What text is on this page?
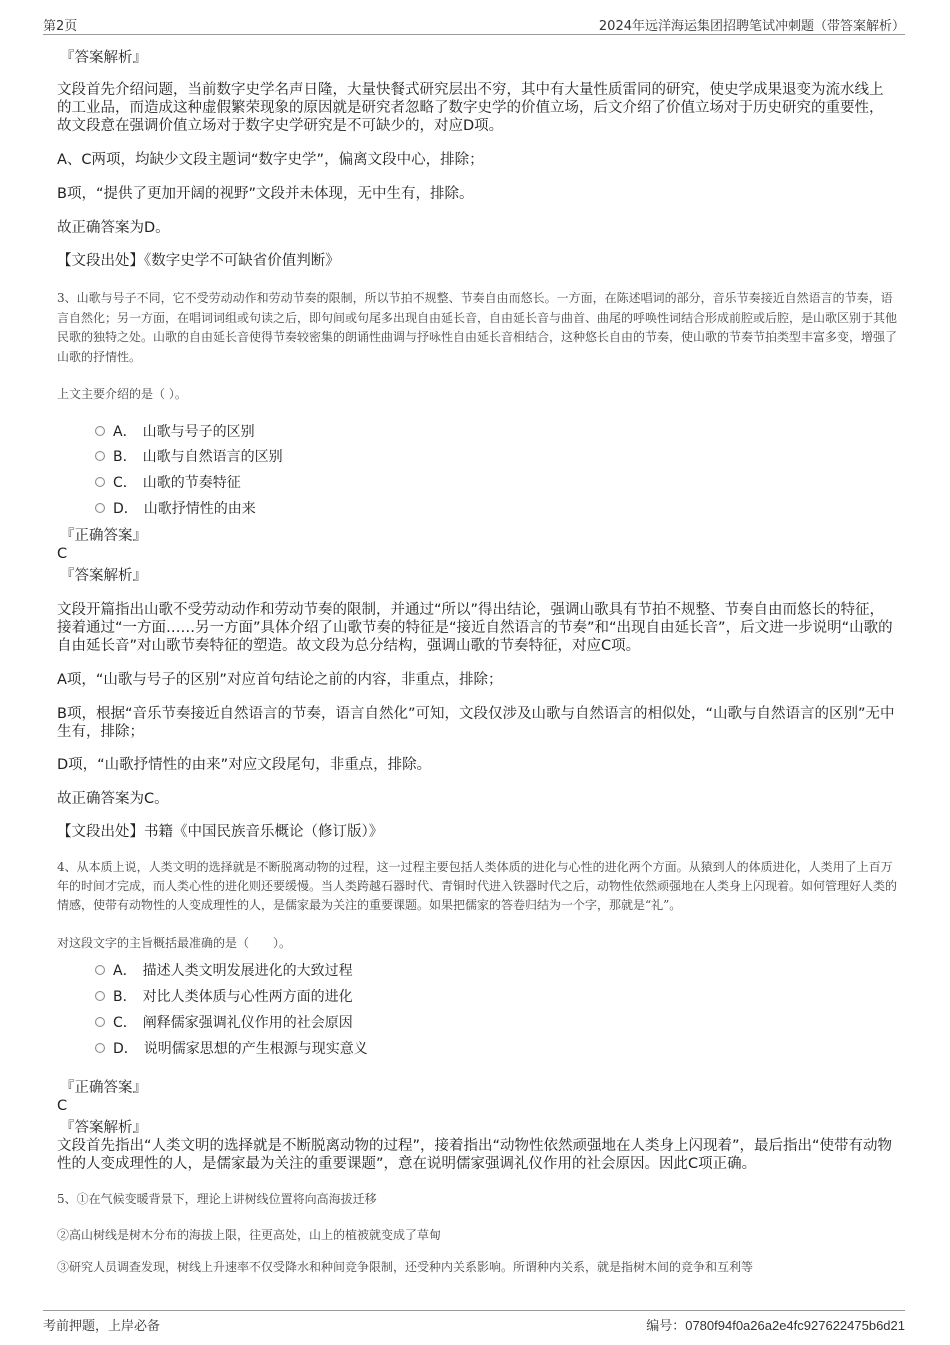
第2页	2024年远洋海运集团招聘笔试冲刺题（带答案解析）

『答案解析』

文段首先介绍问题，当前数字史学名声日隆，大量快餐式研究层出不穷，其中有大量性质雷同的研究，使史学成果退变为流水线上的工业品，而造成这种虚假繁荣现象的原因就是研究者忽略了数字史学的价值立场，后文介绍了价值立场对于历史研究的重要性，故文段意在强调价值立场对于数字史学研究是不可缺少的，对应D项。

A、C两项，均缺少文段主题词“数字史学”，偏离文段中心，排除；

B项，“提供了更加开阔的视野”文段并未体现，无中生有，排除。

故正确答案为D。

【文段出处】《数字史学不可缺省价值判断》

3、山歌与号子不同，它不受劳动动作和劳动节奏的限制，所以节拍不规整、节奏自由而悠长。一方面，在陈述唱词的部分，音乐节奏接近自然语言的节奏，语言自然化；另一方面，在唱词词组或句读之后，即句间或句尾多出现自由延长音，自由延长音与曲首、曲尾的呼唤性词结合形成前腔或后腔，是山歌区别于其他民歌的独特之处。山歌的自由延长音使得节奏较密集的朗诵性曲调与抒咏性自由延长音相结合，这种悠长自由的节奏，使山歌的节奏节拍类型丰富多变，增强了山歌的抒情性。

上文主要介绍的是（ ）。

A． 山歌与号子的区别
B． 山歌与自然语言的区别
C． 山歌的节奏特征
D． 山歌抒情性的由来

『正确答案』

C

『答案解析』

文段开篇指出山歌不受劳动动作和劳动节奏的限制，并通过“所以”得出结论，强调山歌具有节拍不规整、节奏自由而悠长的特征，接着通过“一方面……另一方面”具体介绍了山歌节奏的特征是“接近自然语言的节奏”和“出现自由延长音”，后文进一步说明“山歌的自由延长音”对山歌节奏特征的塑造。故文段为总分结构，强调山歌的节奏特征，对应C项。

A项，“山歌与号子的区别”对应首句结论之前的内容，非重点，排除；

B项，根据“音乐节奏接近自然语言的节奏，语言自然化”可知，文段仅涉及山歌与自然语言的相似处，“山歌与自然语言的区别”无中生有，排除；

D项，“山歌抒情性的由来”对应文段尾句，非重点，排除。

故正确答案为C。

【文段出处】书籍《中国民族音乐概论（修订版）》

4、从本质上说，人类文明的选择就是不断脱离动物的过程，这一过程主要包括人类体质的进化与心性的进化两个方面。从猿到人的体质进化，人类用了上百万年的时间才完成，而人类心性的进化则还要缓慢。当人类跨越石器时代、青铜时代进入铁器时代之后，动物性依然顽强地在人类身上闪现着。如何管理好人类的情感，使带有动物性的人变成理性的人，是儒家最为关注的重要课题。如果把儒家的答卷归结为一个字，那就是“礼”。

对这段文字的主旨概括最准确的是（　　）。

A． 描述人类文明发展进化的大致过程
B． 对比人类体质与心性两方面的进化
C． 阐释儒家强调礼仪作用的社会原因
D． 说明儒家思想的产生根源与现实意义

『正确答案』

C

『答案解析』

文段首先指出“人类文明的选择就是不断脱离动物的过程”，接着指出“动物性依然顽强地在人类身上闪现着”，最后指出“使带有动物性的人变成理性的人，是儒家最为关注的重要课题”，意在说明儒家强调礼仪作用的社会原因。因此C项正确。

5、①在气候变暖背景下，理论上讲树线位置将向高海拔迁移

②高山树线是树木分布的海拔上限，往更高处，山上的植被就变成了草甸

③研究人员调查发现，树线上升速率不仅受降水和种间竞争限制，还受种内关系影响。所谓种内关系，就是指树木间的竞争和互利等

考前押题，上岸必备	编号：0780f94f0a26a2e4fc927622475b6d21
